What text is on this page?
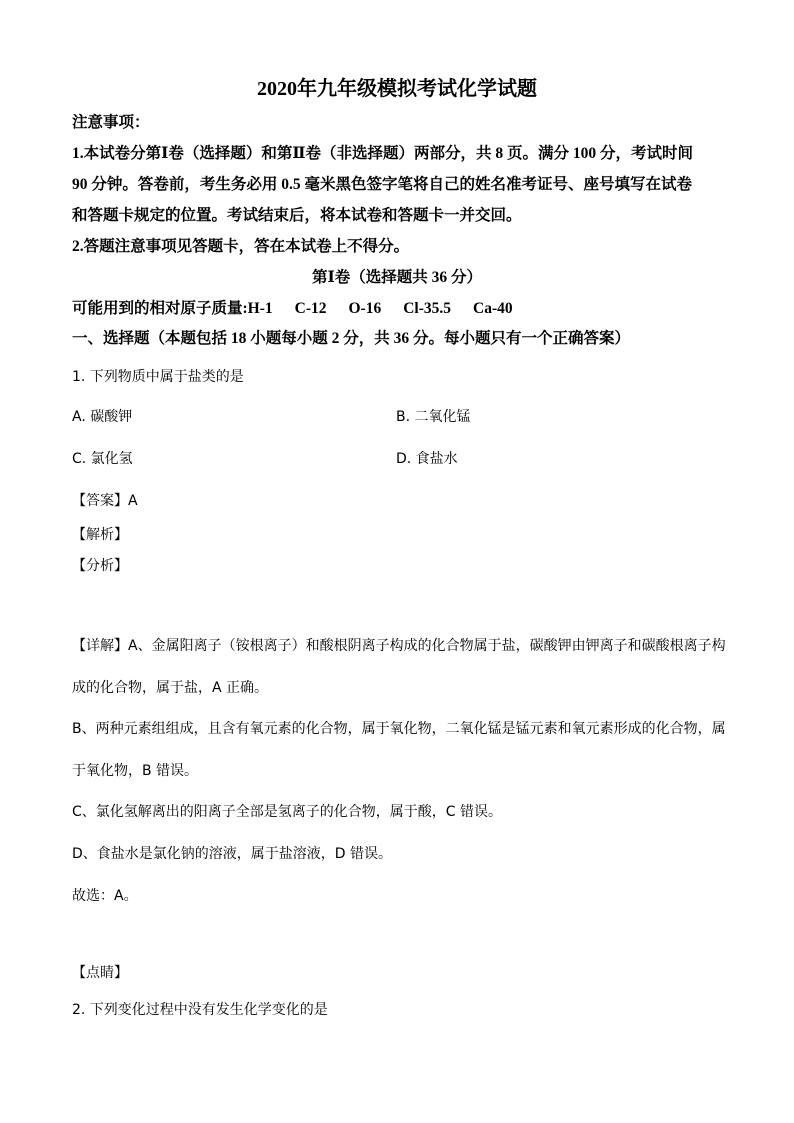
2020年九年级模拟考试化学试题
注意事项：
1.本试卷分第Ⅰ卷（选择题）和第Ⅱ卷（非选择题）两部分，共 8 页。满分 100 分，考试时间
90 分钟。答卷前，考生务必用 0.5 毫米黑色签字笔将自己的姓名准考证号、座号填写在试卷
和答题卡规定的位置。考试结束后，将本试卷和答题卡一并交回。
2.答题注意事项见答题卡，答在本试卷上不得分。
第Ⅰ卷（选择题共 36 分）
可能用到的相对原子质量:H-1 C-12 O-16 Cl-35.5 Ca-40
一、选择题（本题包括 18 小题每小题 2 分，共 36 分。每小题只有一个正确答案）
1. 下列物质中属于盐类的是
A. 碳酸钾	B. 二氧化锰
C. 氯化氢	D. 食盐水
【答案】A
【解析】
【分析】
【详解】A、金属阳离子（铵根离子）和酸根阴离子构成的化合物属于盐，碳酸钾由钾离子和碳酸根离子构
成的化合物，属于盐，A 正确。
B、两种元素组组成，且含有氧元素的化合物，属于氧化物，二氧化锰是锰元素和氧元素形成的化合物，属
于氧化物，B 错误。
C、氯化氢解离出的阳离子全部是氢离子的化合物，属于酸，C 错误。
D、食盐水是氯化钠的溶液，属于盐溶液，D 错误。
故选：A。
【点睛】
2. 下列变化过程中没有发生化学变化的是
